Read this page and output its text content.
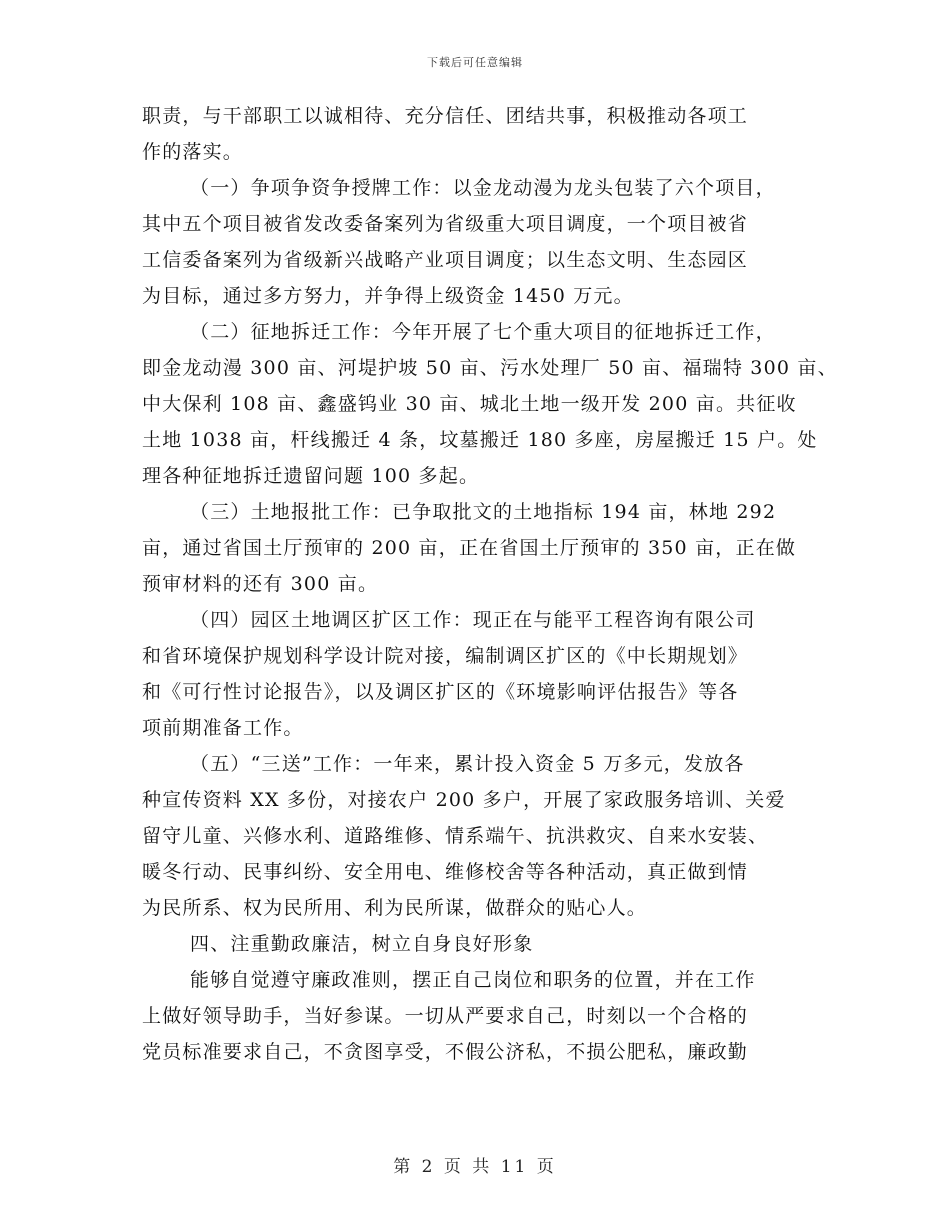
下载后可任意编辑
职责，与干部职工以诚相待、充分信任、团结共事，积极推动各项工
作的落实。
（一）争项争资争授牌工作：以金龙动漫为龙头包装了六个项目，
其中五个项目被省发改委备案列为省级重大项目调度，一个项目被省
工信委备案列为省级新兴战略产业项目调度；以生态文明、生态园区
为目标，通过多方努力，并争得上级资金 1450 万元。
（二）征地拆迁工作：今年开展了七个重大项目的征地拆迁工作，
即金龙动漫 300 亩、河堤护坡 50 亩、污水处理厂 50 亩、福瑞特 300 亩、
中大保利 108 亩、鑫盛钨业 30 亩、城北土地一级开发 200 亩。共征收
土地 1038 亩，杆线搬迁 4 条，坟墓搬迁 180 多座，房屋搬迁 15 户。处
理各种征地拆迁遗留问题 100 多起。
（三）土地报批工作：已争取批文的土地指标 194 亩，林地 292
亩，通过省国土厅预审的 200 亩，正在省国土厅预审的 350 亩，正在做
预审材料的还有 300 亩。
（四）园区土地调区扩区工作：现正在与能平工程咨询有限公司
和省环境保护规划科学设计院对接，编制调区扩区的《中长期规划》
和《可行性讨论报告》，以及调区扩区的《环境影响评估报告》等各
项前期准备工作。
（五）“三送”工作：一年来，累计投入资金 5 万多元，发放各
种宣传资料 XX 多份，对接农户 200 多户，开展了家政服务培训、关爱
留守儿童、兴修水利、道路维修、情系端午、抗洪救灾、自来水安装、
暖冬行动、民事纠纷、安全用电、维修校舍等各种活动，真正做到情
为民所系、权为民所用、利为民所谋，做群众的贴心人。
四、注重勤政廉洁，树立自身良好形象
能够自觉遵守廉政准则，摆正自己岗位和职务的位置，并在工作
上做好领导助手，当好参谋。一切从严要求自己，时刻以一个合格的
党员标准要求自己，不贪图享受，不假公济私，不损公肥私，廉政勤
第 2 页 共 11 页
